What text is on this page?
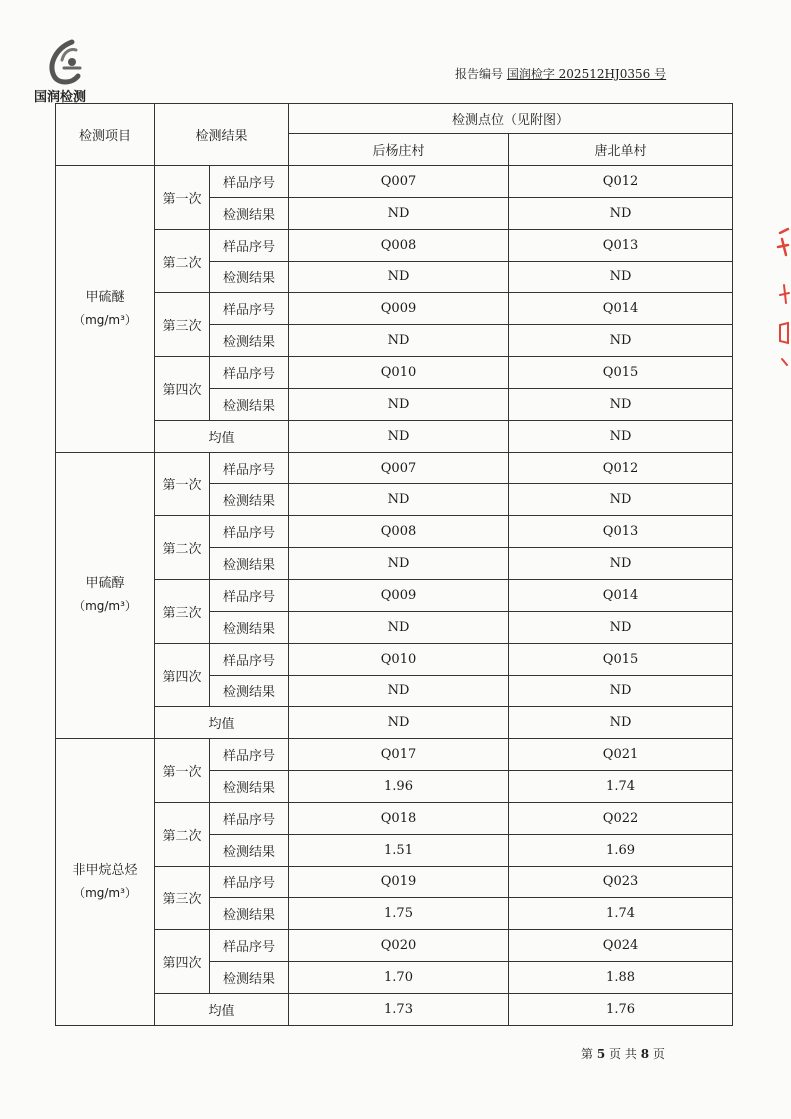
国润检测
报告编号 国润检字 202512HJ0356 号
检测项目	检测结果		检测点位（见附图）	
			后杨庄村	唐北单村

甲硫醚
（mg/m³）	第一次	样品序号	Q007	Q012
		检测结果	ND	ND
	第二次	样品序号	Q008	Q013
		检测结果	ND	ND
	第三次	样品序号	Q009	Q014
		检测结果	ND	ND
	第四次	样品序号	Q010	Q015
		检测结果	ND	ND
	均值		ND	ND

甲硫醇
（mg/m³）	第一次	样品序号	Q007	Q012
		检测结果	ND	ND
	第二次	样品序号	Q008	Q013
		检测结果	ND	ND
	第三次	样品序号	Q009	Q014
		检测结果	ND	ND
	第四次	样品序号	Q010	Q015
		检测结果	ND	ND
	均值		ND	ND

非甲烷总烃
（mg/m³）	第一次	样品序号	Q017	Q021
		检测结果	1.96	1.74
	第二次	样品序号	Q018	Q022
		检测结果	1.51	1.69
	第三次	样品序号	Q019	Q023
		检测结果	1.75	1.74
	第四次	样品序号	Q020	Q024
		检测结果	1.70	1.88
	均值		1.73	1.76
第 5 页 共 8 页
